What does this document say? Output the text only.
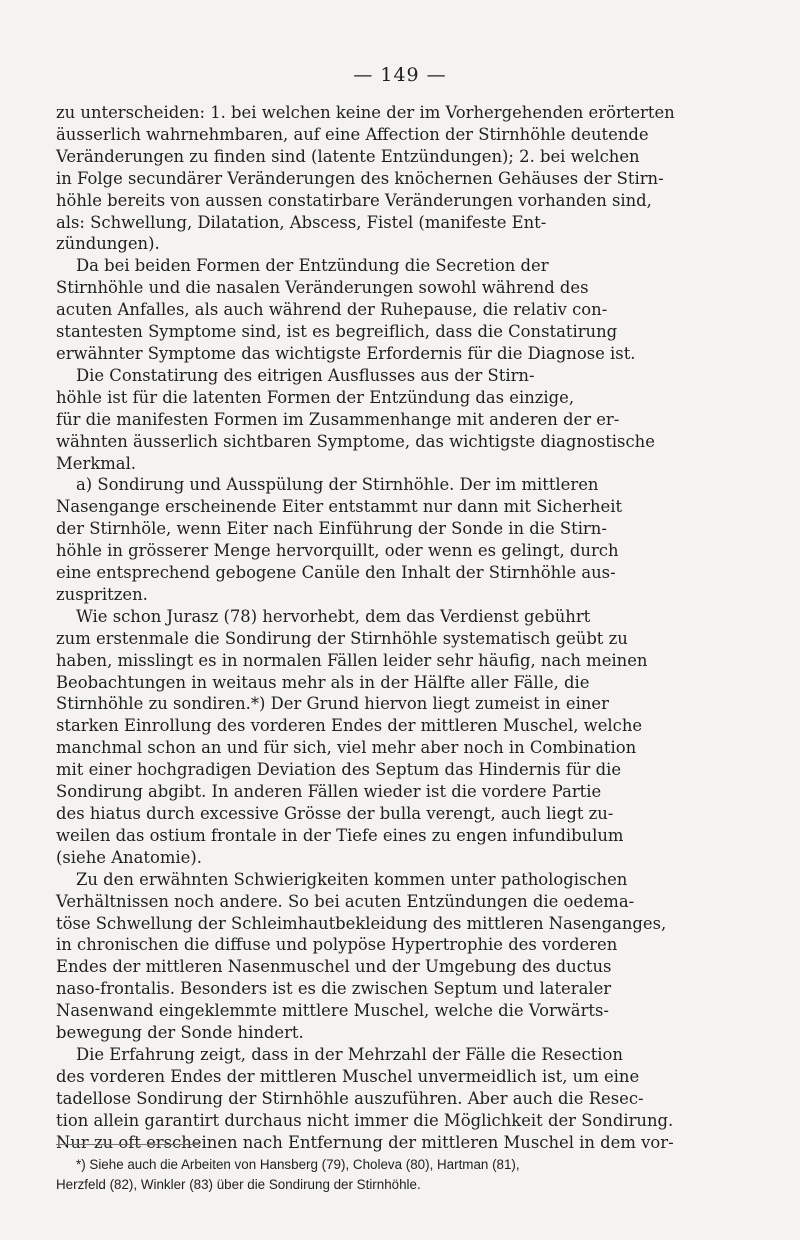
— 149 —
zu unterscheiden: 1. bei welchen keine der im Vorhergehenden erörterten
äusserlich wahrnehmbaren, auf eine Affection der Stirnhöhle deutende
Veränderungen zu finden sind (latente Entzündungen); 2. bei welchen
in Folge secundärer Veränderungen des knöchernen Gehäuses der Stirn-
höhle bereits von aussen constatirbare Veränderungen vorhanden sind,
als: Schwellung, Dilatation, Abscess, Fistel (manifeste Ent-
zündungen).
Da bei beiden Formen der Entzündung die Secretion der
Stirnhöhle und die nasalen Veränderungen sowohl während des
acuten Anfalles, als auch während der Ruhepause, die relativ con-
stantesten Symptome sind, ist es begreiflich, dass die Constatirung
erwähnter Symptome das wichtigste Erfordernis für die Diagnose ist.
Die Constatirung des eitrigen Ausflusses aus der Stirn-
höhle ist für die latenten Formen der Entzündung das einzige,
für die manifesten Formen im Zusammenhange mit anderen der er-
wähnten äusserlich sichtbaren Symptome, das wichtigste diagnostische
Merkmal.
a) Sondirung und Ausspülung der Stirnhöhle. Der im mittleren
Nasengange erscheinende Eiter entstammt nur dann mit Sicherheit
der Stirnhöle, wenn Eiter nach Einführung der Sonde in die Stirn-
höhle in grösserer Menge hervorquillt, oder wenn es gelingt, durch
eine entsprechend gebogene Canüle den Inhalt der Stirnhöhle aus-
zuspritzen.
Wie schon Jurasz (78) hervorhebt, dem das Verdienst gebührt
zum erstenmale die Sondirung der Stirnhöhle systematisch geübt zu
haben, misslingt es in normalen Fällen leider sehr häufig, nach meinen
Beobachtungen in weitaus mehr als in der Hälfte aller Fälle, die
Stirnhöhle zu sondiren.*) Der Grund hiervon liegt zumeist in einer
starken Einrollung des vorderen Endes der mittleren Muschel, welche
manchmal schon an und für sich, viel mehr aber noch in Combination
mit einer hochgradigen Deviation des Septum das Hindernis für die
Sondirung abgibt. In anderen Fällen wieder ist die vordere Partie
des hiatus durch excessive Grösse der bulla verengt, auch liegt zu-
weilen das ostium frontale in der Tiefe eines zu engen infundibulum
(siehe Anatomie).
Zu den erwähnten Schwierigkeiten kommen unter pathologischen
Verhältnissen noch andere. So bei acuten Entzündungen die oedema-
töse Schwellung der Schleimhautbekleidung des mittleren Nasenganges,
in chronischen die diffuse und polypöse Hypertrophie des vorderen
Endes der mittleren Nasenmuschel und der Umgebung des ductus
naso-frontalis. Besonders ist es die zwischen Septum und lateraler
Nasenwand eingeklemmte mittlere Muschel, welche die Vorwärts-
bewegung der Sonde hindert.
Die Erfahrung zeigt, dass in der Mehrzahl der Fälle die Resection
des vorderen Endes der mittleren Muschel unvermeidlich ist, um eine
tadellose Sondirung der Stirnhöhle auszuführen. Aber auch die Resec-
tion allein garantirt durchaus nicht immer die Möglichkeit der Sondirung.
Nur zu oft erscheinen nach Entfernung der mittleren Muschel in dem vor-
*) Siehe auch die Arbeiten von Hansberg (79), Choleva (80), Hartman (81),
Herzfeld (82), Winkler (83) über die Sondirung der Stirnhöhle.
